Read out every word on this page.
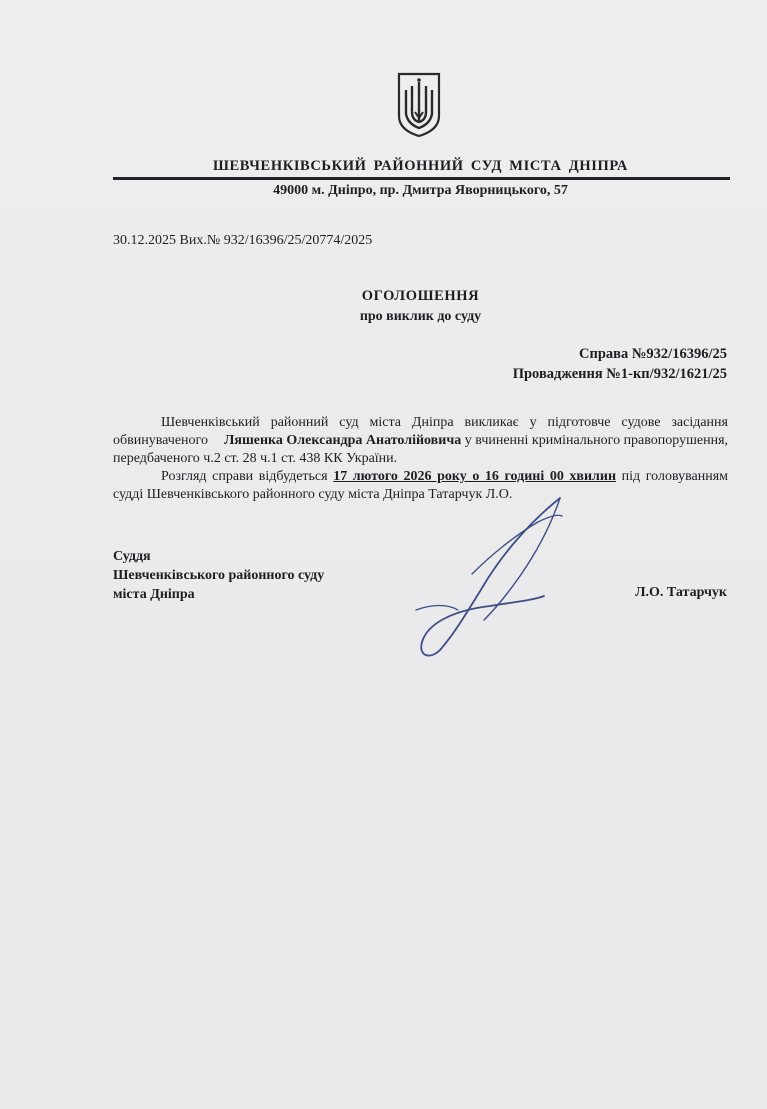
ШЕВЧЕНКІВСЬКИЙ РАЙОННИЙ СУД МІСТА ДНІПРА
49000 м. Дніпро, пр. Дмитра Яворницького, 57
30.12.2025 Вих.№ 932/16396/25/20774/2025
ОГОЛОШЕННЯ
про виклик до суду
Справа №932/16396/25
Провадження №1-кп/932/1621/25

Шевченківський районний суд міста Дніпра викликає у підготовче судове засідання обвинуваченого Ляшенка Олександра Анатолійовича у вчиненні кримінального правопорушення, передбаченого ч.2 ст. 28 ч.1 ст. 438 КК України.

Розгляд справи відбудеться 17 лютого 2026 року о 16 годині 00 хвилин під головуванням судді Шевченківського районного суду міста Дніпра Татарчук Л.О.

Суддя
Шевченківського районного суду
міста Дніпра	Л.О. Татарчук
